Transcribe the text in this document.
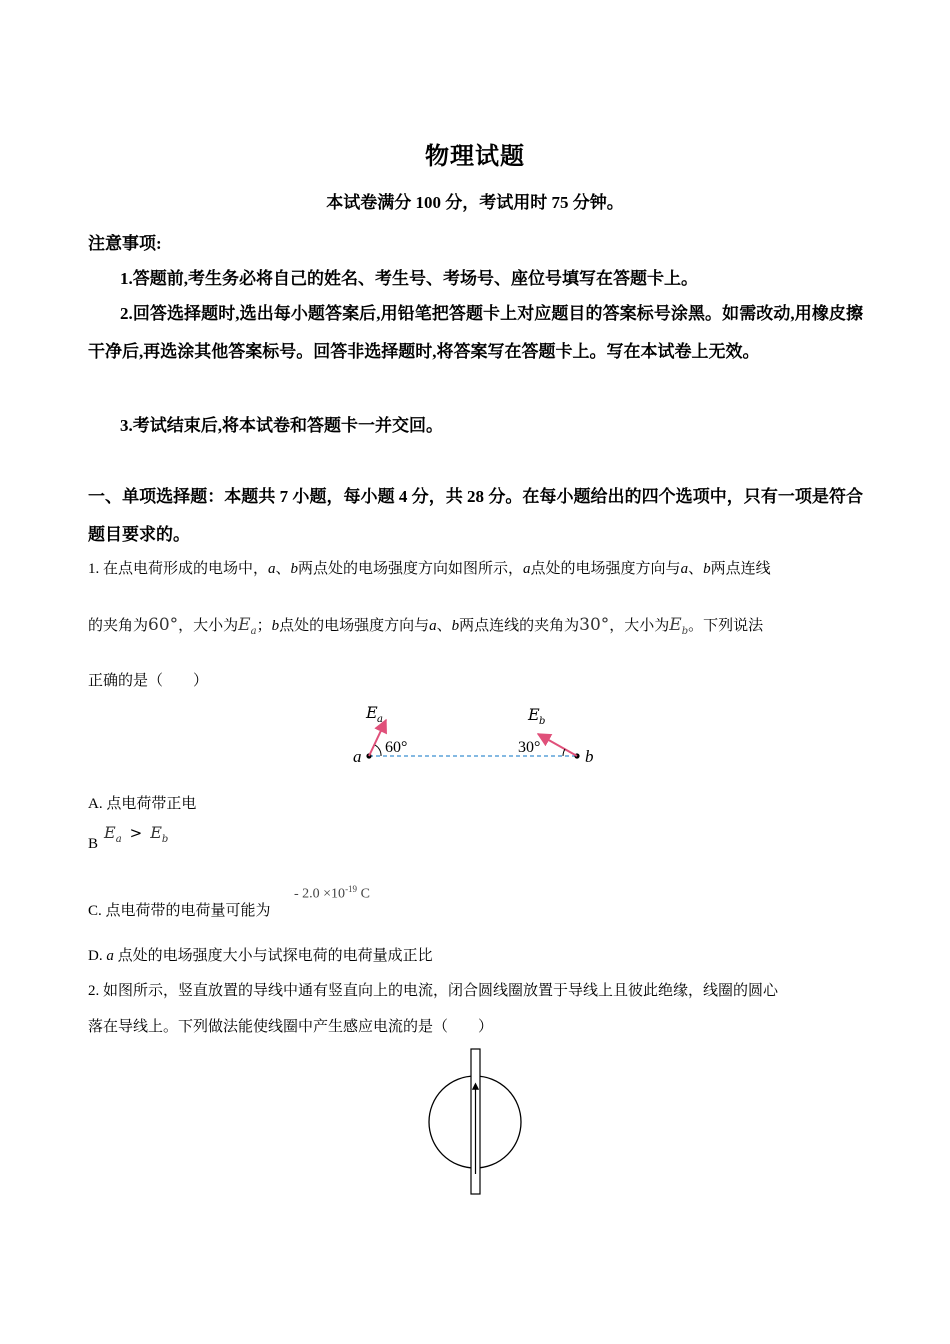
物理试题
本试卷满分 100 分，考试用时 75 分钟。
注意事项:
1.答题前,考生务必将自己的姓名、考生号、考场号、座位号填写在答题卡上。
2.回答选择题时,选出每小题答案后,用铅笔把答题卡上对应题目的答案标号涂黑。如需改动,用橡皮擦干净后,再选涂其他答案标号。回答非选择题时,将答案写在答题卡上。写在本试卷上无效。
3.考试结束后,将本试卷和答题卡一并交回。
一、单项选择题：本题共 7 小题，每小题 4 分，共 28 分。在每小题给出的四个选项中，只有一项是符合题目要求的。
1. 在点电荷形成的电场中，a、b两点处的电场强度方向如图所示，a点处的电场强度方向与a、b两点连线
的夹角为60°，大小为$E_a$；b点处的电场强度方向与a、b两点连线的夹角为30°，大小为$E_b$。下列说法
正确的是（　　）
E a	E b
60°	30°
a	b
A. 点电荷带正电
B
$E_a > E_b$
C. 点电荷带的电荷量可能为
- $2.0 \times 10^{-19}$ C
D. a 点处的电场强度大小与试探电荷的电荷量成正比
2. 如图所示，竖直放置的导线中通有竖直向上的电流，闭合圆线圈放置于导线上且彼此绝缘，线圈的圆心
落在导线上。下列做法能使线圈中产生感应电流的是（　　）
